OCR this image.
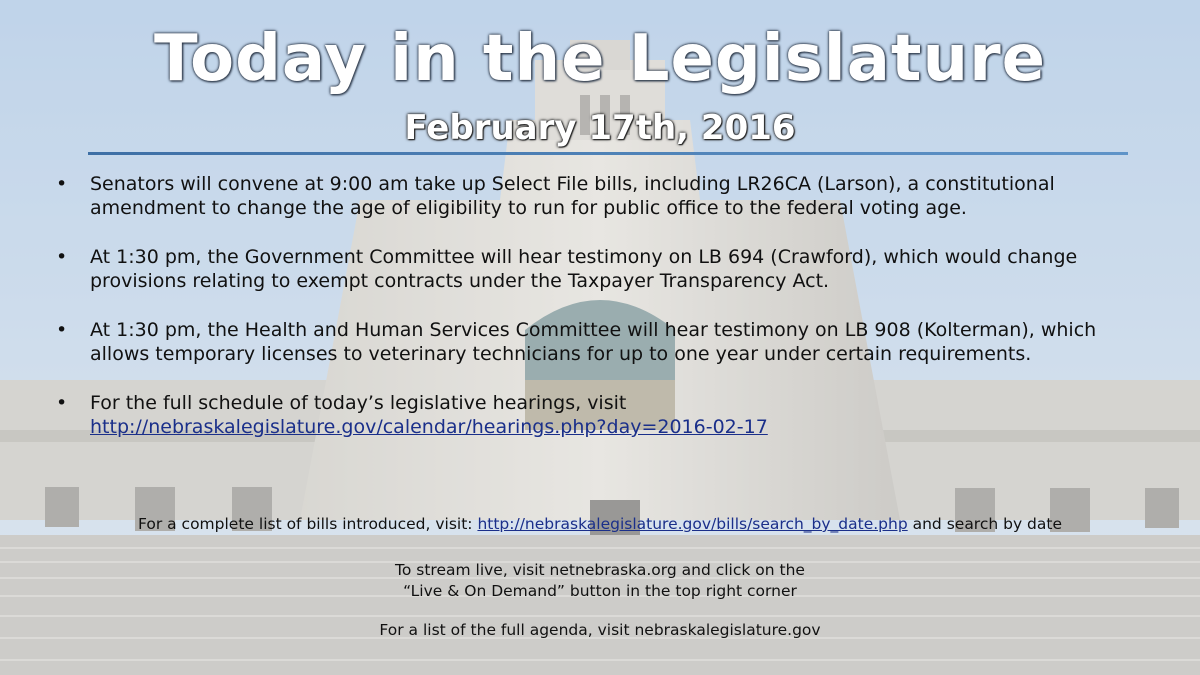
Today in the Legislature
February 17th, 2016
• Senators will convene at 9:00 am take up Select File bills, including LR26CA (Larson), a constitutional amendment to change the age of eligibility to run for public office to the federal voting age.
• At 1:30 pm, the Government Committee will hear testimony on LB 694 (Crawford), which would change provisions relating to exempt contracts under the Taxpayer Transparency Act.
• At 1:30 pm, the Health and Human Services Committee will hear testimony on LB 908 (Kolterman), which allows temporary licenses to veterinary technicians for up to one year under certain requirements.
• For the full schedule of today’s legislative hearings, visit
http://nebraskalegislature.gov/calendar/hearings.php?day=2016-02-17
For a complete list of bills introduced, visit: http://nebraskalegislature.gov/bills/search_by_date.php and search by date
To stream live, visit netnebraska.org and click on the
“Live & On Demand” button in the top right corner
For a list of the full agenda, visit nebraskalegislature.gov
